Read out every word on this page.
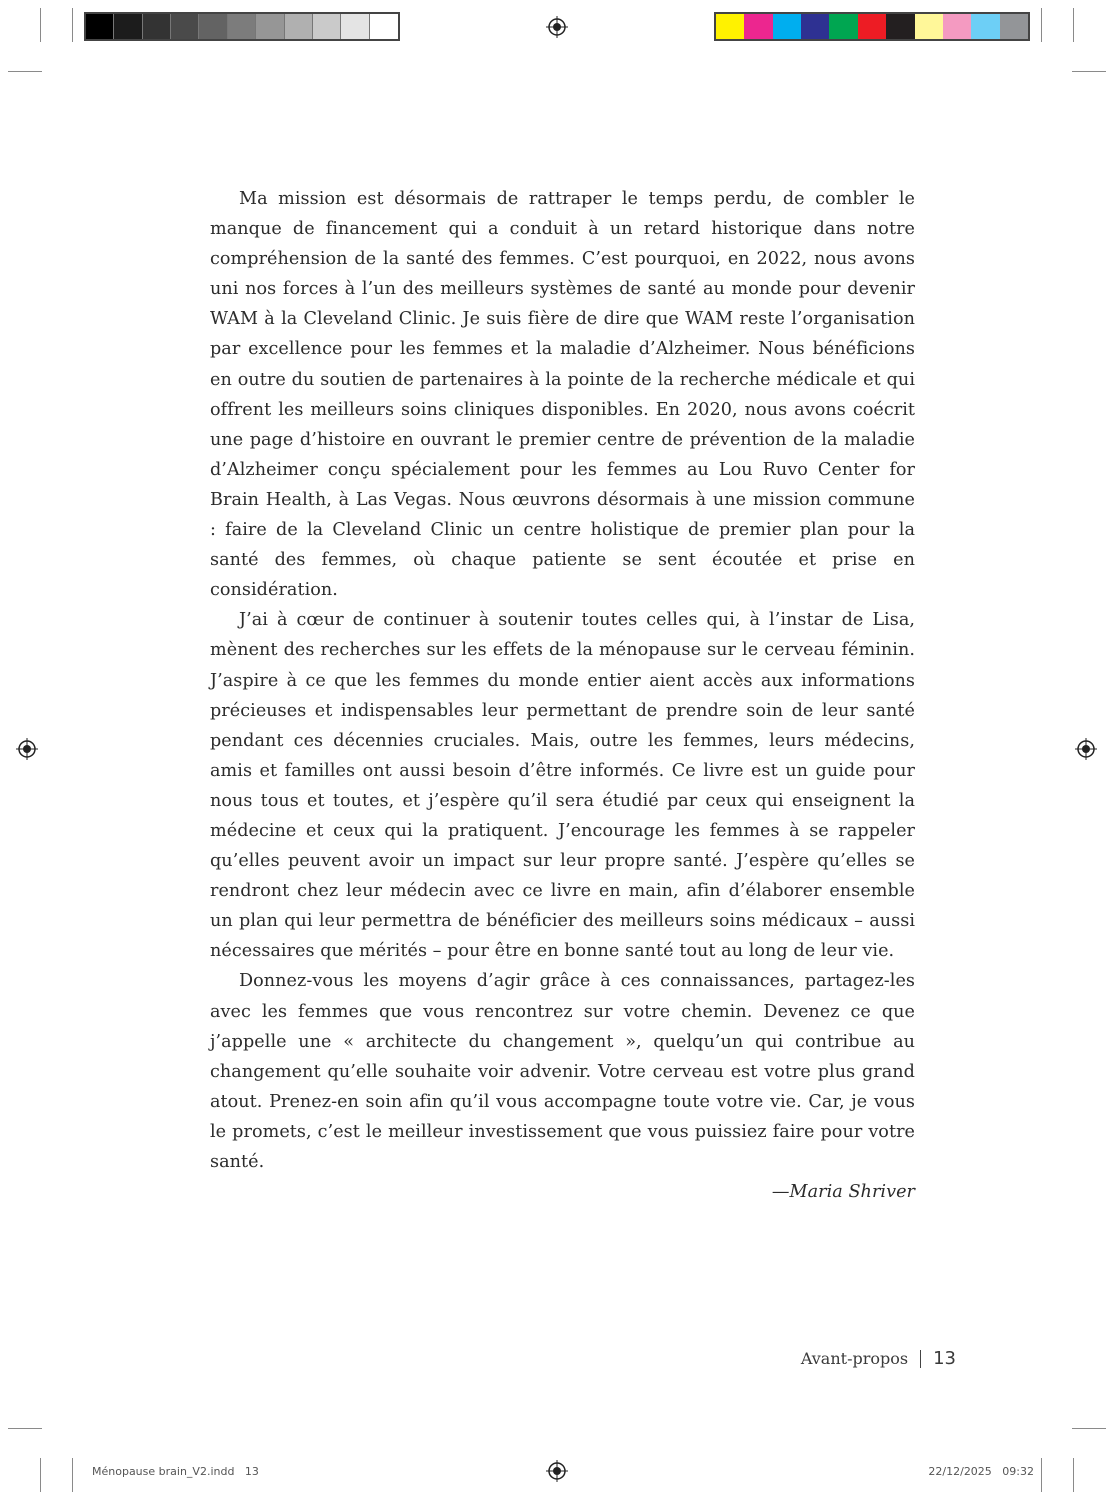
Ma mission est désormais de rattraper le temps perdu, de combler le manque de financement qui a conduit à un retard historique dans notre compréhension de la santé des femmes. C’est pourquoi, en 2022, nous avons uni nos forces à l’un des meilleurs systèmes de santé au monde pour devenir WAM à la Cleveland Clinic. Je suis fière de dire que WAM reste l’organisation par excellence pour les femmes et la maladie d’Alzheimer. Nous bénéficions en outre du soutien de partenaires à la pointe de la recherche médicale et qui offrent les meilleurs soins cliniques disponibles. En 2020, nous avons coécrit une page d’histoire en ouvrant le premier centre de prévention de la maladie d’Alzheimer conçu spécialement pour les femmes au Lou Ruvo Center for Brain Health, à Las Vegas. Nous œuvrons désormais à une mission commune : faire de la Cleveland Clinic un centre holistique de premier plan pour la santé des femmes, où chaque patiente se sent écoutée et prise en considération.

J’ai à cœur de continuer à soutenir toutes celles qui, à l’instar de Lisa, mènent des recherches sur les effets de la ménopause sur le cerveau féminin. J’aspire à ce que les femmes du monde entier aient accès aux informations précieuses et indispensables leur permettant de prendre soin de leur santé pendant ces décennies cruciales. Mais, outre les femmes, leurs médecins, amis et familles ont aussi besoin d’être informés. Ce livre est un guide pour nous tous et toutes, et j’espère qu’il sera étudié par ceux qui enseignent la médecine et ceux qui la pratiquent. J’encourage les femmes à se rappeler qu’elles peuvent avoir un impact sur leur propre santé. J’espère qu’elles se rendront chez leur médecin avec ce livre en main, afin d’élaborer ensemble un plan qui leur permettra de bénéficier des meilleurs soins médicaux – aussi nécessaires que mérités – pour être en bonne santé tout au long de leur vie.

Donnez-vous les moyens d’agir grâce à ces connaissances, partagez-les avec les femmes que vous rencontrez sur votre chemin. Devenez ce que j’appelle une « architecte du changement », quelqu’un qui contribue au changement qu’elle souhaite voir advenir. Votre cerveau est votre plus grand atout. Prenez-en soin afin qu’il vous accompagne toute votre vie. Car, je vous le promets, c’est le meilleur investissement que vous puissiez faire pour votre santé.

—Maria Shriver

Avant-propos 13
Ménopause brain_V2.indd   13	22/12/2025   09:32
